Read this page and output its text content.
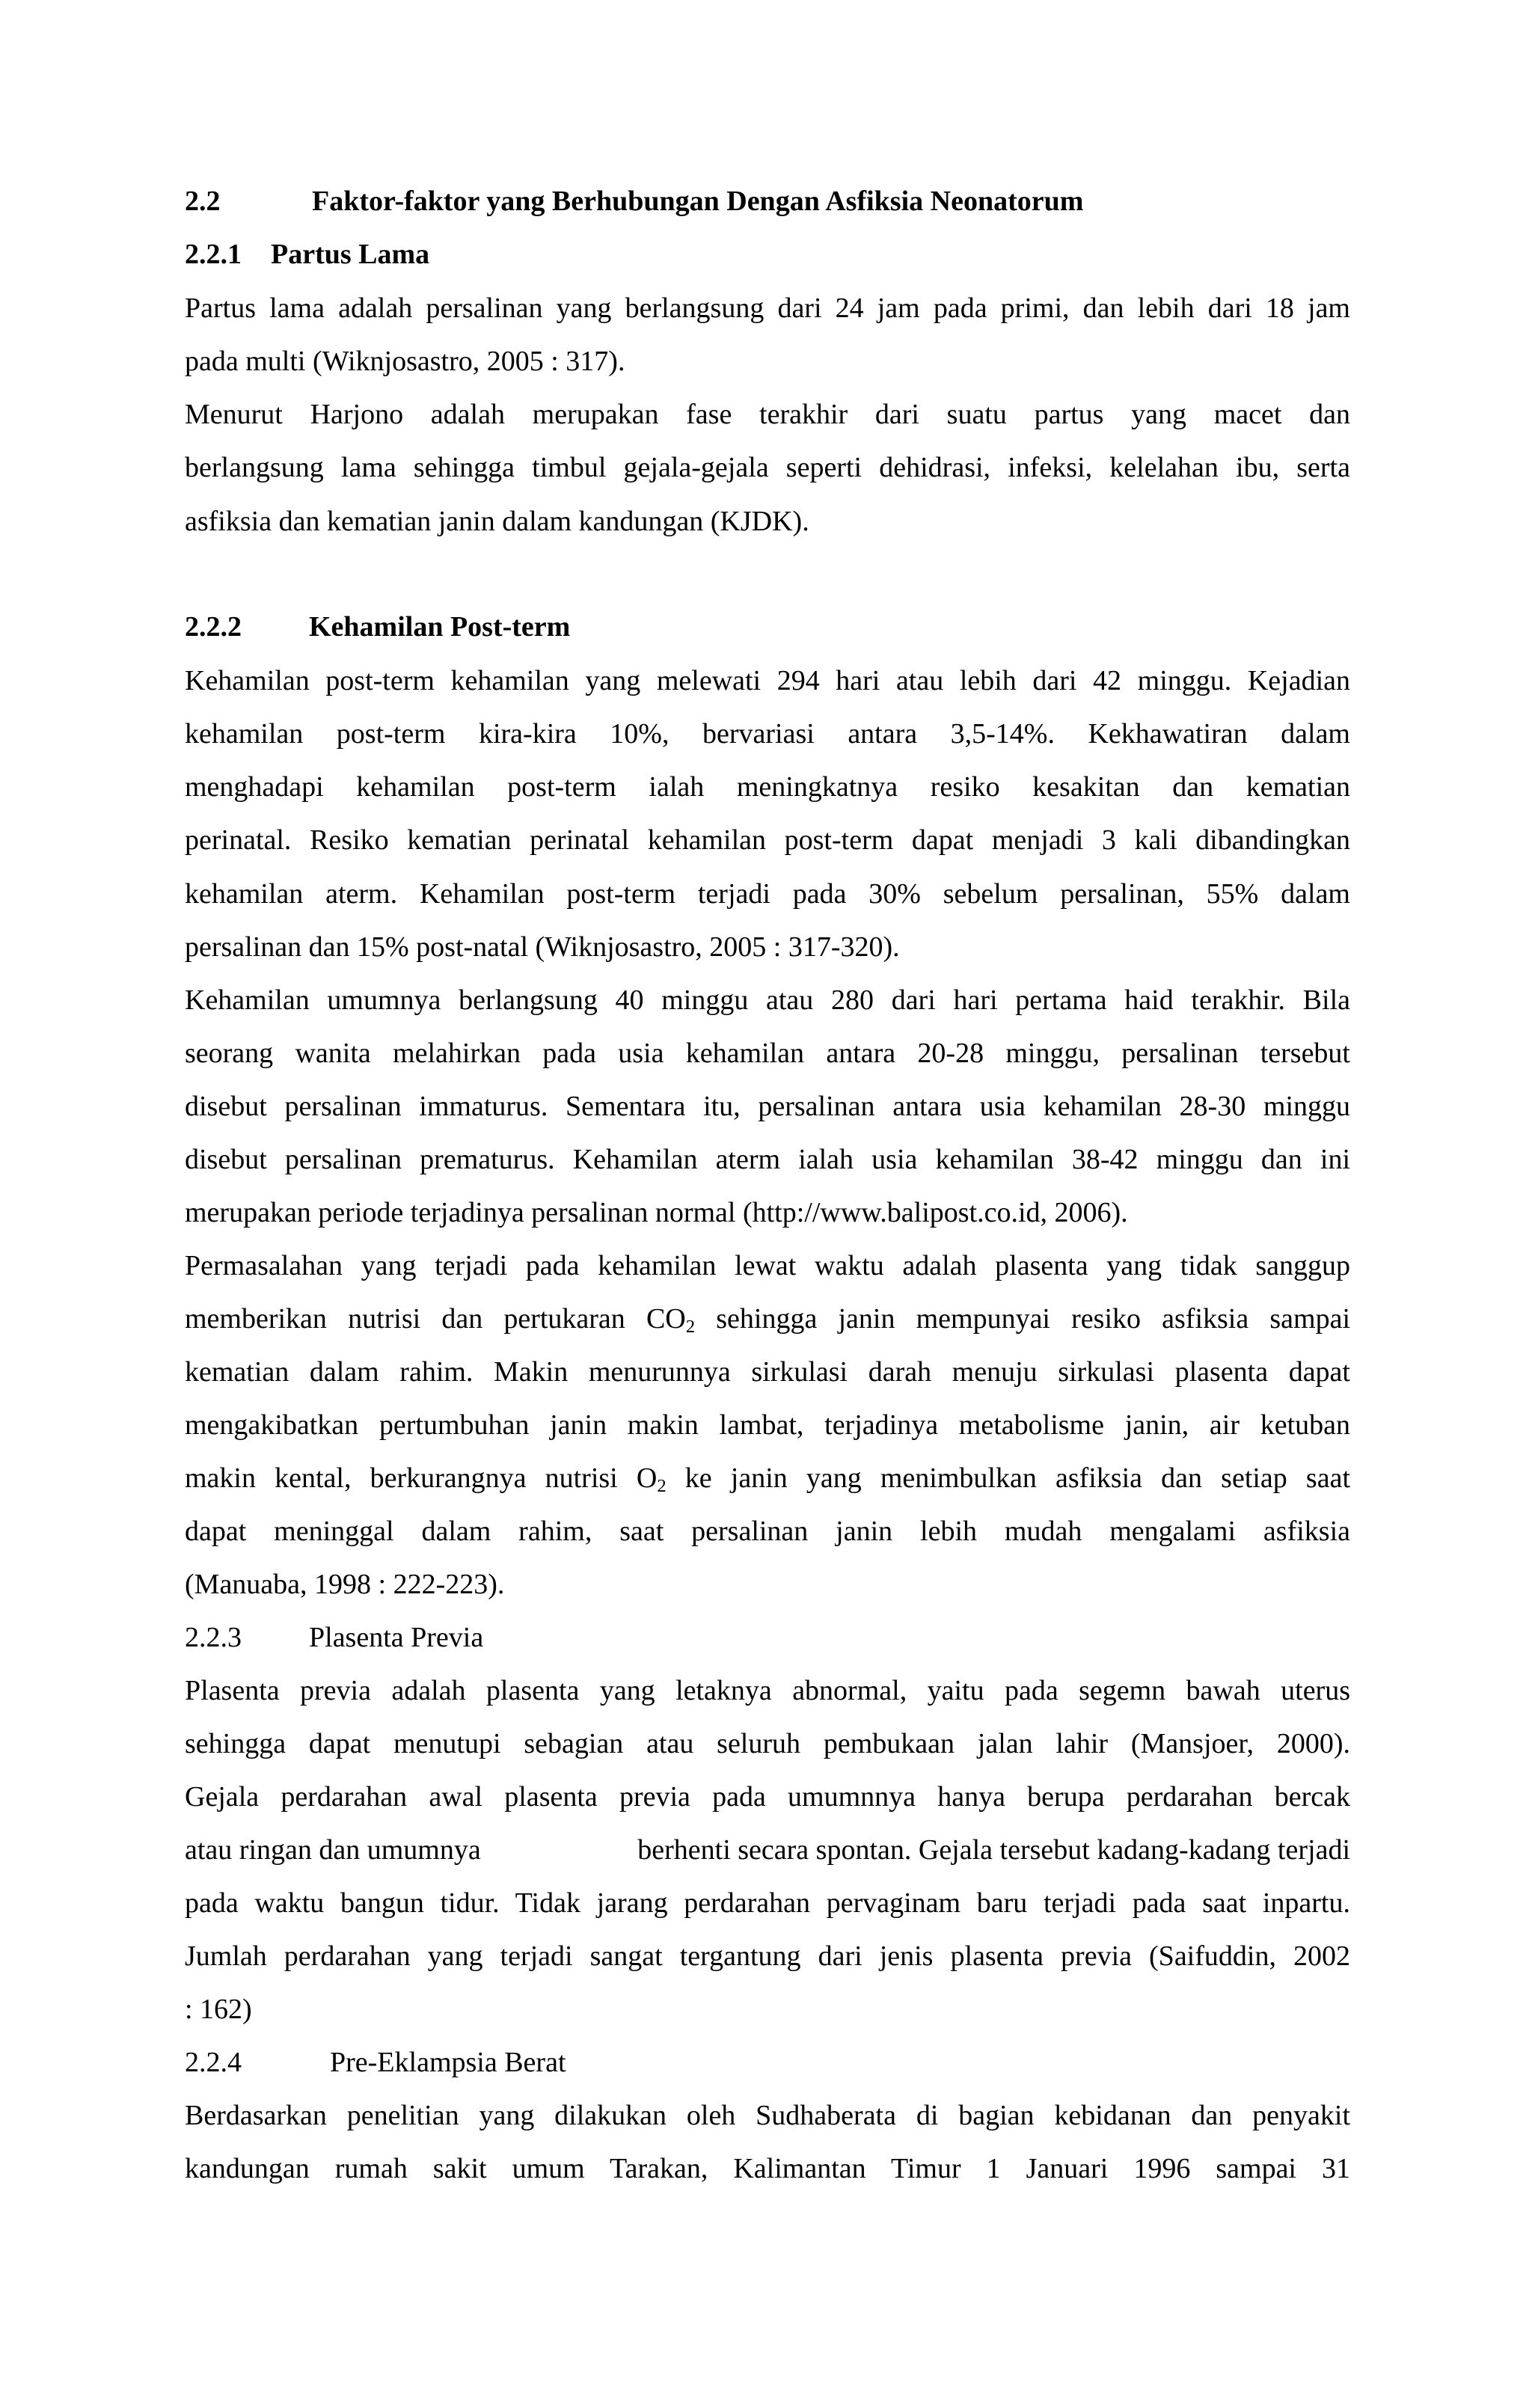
2.2	Faktor-faktor yang Berhubungan Dengan Asfiksia Neonatorum
2.2.1 Partus Lama
Partus lama adalah persalinan yang berlangsung dari 24 jam pada primi, dan lebih dari 18 jam
pada multi (Wiknjosastro, 2005 : 317).
Menurut Harjono adalah merupakan fase terakhir dari suatu partus yang macet dan
berlangsung lama sehingga timbul gejala-gejala seperti dehidrasi, infeksi, kelelahan ibu, serta
asfiksia dan kematian janin dalam kandungan (KJDK).
2.2.2 Kehamilan Post-term
Kehamilan post-term kehamilan yang melewati 294 hari atau lebih dari 42 minggu. Kejadian
kehamilan post-term kira-kira 10%, bervariasi antara 3,5-14%. Kekhawatiran dalam
menghadapi kehamilan post-term ialah meningkatnya resiko kesakitan dan kematian
perinatal. Resiko kematian perinatal kehamilan post-term dapat menjadi 3 kali dibandingkan
kehamilan aterm. Kehamilan post-term terjadi pada 30% sebelum persalinan, 55% dalam
persalinan dan 15% post-natal (Wiknjosastro, 2005 : 317-320).
Kehamilan umumnya berlangsung 40 minggu atau 280 dari hari pertama haid terakhir. Bila
seorang wanita melahirkan pada usia kehamilan antara 20-28 minggu, persalinan tersebut
disebut persalinan immaturus. Sementara itu, persalinan antara usia kehamilan 28-30 minggu
disebut persalinan prematurus. Kehamilan aterm ialah usia kehamilan 38-42 minggu dan ini
merupakan periode terjadinya persalinan normal (http://www.balipost.co.id, 2006).
Permasalahan yang terjadi pada kehamilan lewat waktu adalah plasenta yang tidak sanggup
memberikan nutrisi dan pertukaran $CO_2$ sehingga janin mempunyai resiko asfiksia sampai
kematian dalam rahim. Makin menurunnya sirkulasi darah menuju sirkulasi plasenta dapat
mengakibatkan pertumbuhan janin makin lambat, terjadinya metabolisme janin, air ketuban
makin kental, berkurangnya nutrisi $O_2$ ke janin yang menimbulkan asfiksia dan setiap saat
dapat meninggal dalam rahim, saat persalinan janin lebih mudah mengalami asfiksia
(Manuaba, 1998 : 222-223).
2.2.3 Plasenta Previa
Plasenta previa adalah plasenta yang letaknya abnormal, yaitu pada segemn bawah uterus
sehingga dapat menutupi sebagian atau seluruh pembukaan jalan lahir (Mansjoer, 2000).
Gejala perdarahan awal plasenta previa pada umumnnya hanya berupa perdarahan bercak
atau ringan dan umumnya	berhenti secara spontan. Gejala tersebut kadang-kadang terjadi
pada waktu bangun tidur. Tidak jarang perdarahan pervaginam baru terjadi pada saat inpartu.
Jumlah perdarahan yang terjadi sangat tergantung dari jenis plasenta previa (Saifuddin, 2002
: 162)
2.2.4	Pre-Eklampsia Berat
Berdasarkan penelitian yang dilakukan oleh Sudhaberata di bagian kebidanan dan penyakit
kandungan rumah sakit umum Tarakan, Kalimantan Timur 1 Januari 1996 sampai 31
